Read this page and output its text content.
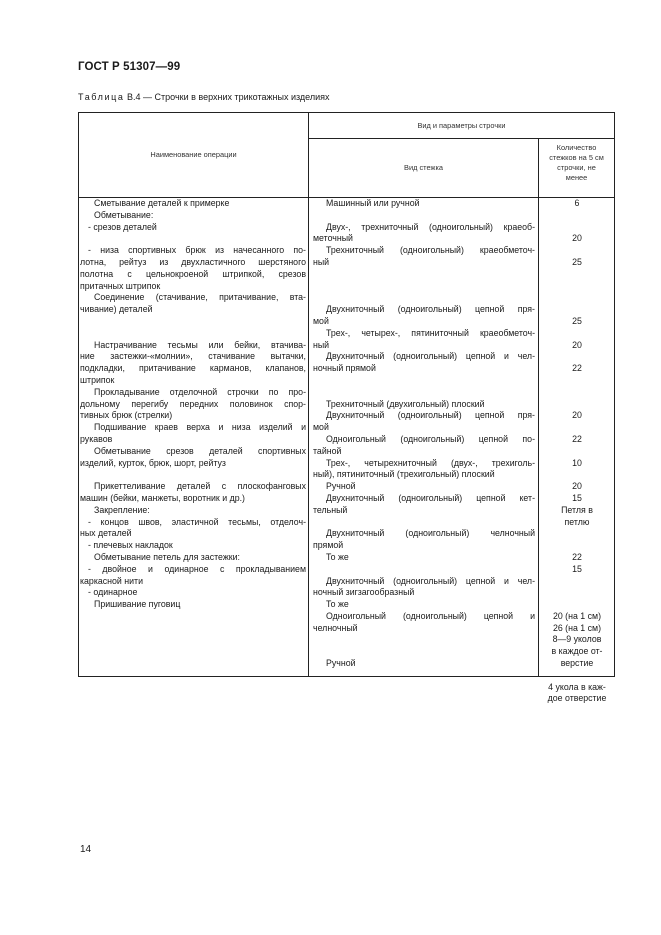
ГОСТ Р 51307—99
Таблица В.4 — Строчки в верхних трикотажных изделиях
Наименование операции
Вид и параметры строчки
Вид стежка
Количество
стежков на 5 см
строчки, не
менее
Сметывание деталей к примерке
Обметывание:
- срезов деталей
- низа спортивных брюк из начесанного по-
лотна, рейтуз из двухластичного шерстяного
полотна с цельнокроеной штрипкой, срезов
притачных штрипок
Соединение (стачивание, притачивание, вта-
чивание) деталей
Настрачивание тесьмы или бейки, втачива-
ние застежки-«молнии», стачивание вытачки,
подкладки, притачивание карманов, клапанов,
штрипок
Прокладывание отделочной строчки по про-
дольному перегибу передних половинок спор-
тивных брюк (стрелки)
Подшивание краев верха и низа изделий и
рукавов
Обметывание срезов деталей спортивных
изделий, курток, брюк, шорт, рейтуз
Прикеттеливание деталей с плоскофанговых
машин (бейки, манжеты, воротник и др.)
Закрепление:
- концов швов, эластичной тесьмы, отделоч-
ных деталей
- плечевых накладок
Обметывание петель для застежки:
- двойное и одинарное с прокладыванием
каркасной нити
- одинарное
Пришивание пуговиц
Машинный или ручной
Двух-, трехниточный (одноигольный) краеоб-
меточный
Трехниточный (одноигольный) краеобметоч-
ный
Двухниточный (одноигольный) цепной пря-
мой
Трех-, четырех-, пятиниточный краеобметоч-
ный
Двухниточный (одноигольный) цепной и чел-
ночный прямой
Трехниточный (двухигольный) плоский
Двухниточный (одноигольный) цепной пря-
мой
Одноигольный (одноигольный) цепной по-
тайной
Трех-, четырехниточный (двух-, трехиголь-
ный), пятиниточный (трехигольный) плоский
Ручной
Двухниточный (одноигольный) цепной кет-
тельный
Двухниточный (одноигольный) челночный
прямой
То же
Двухниточный (одноигольный) цепной и чел-
ночный зигзагообразный
То же
Одноигольный (одноигольный) цепной и
челночный
Ручной
6
20
25
25
20
22
20
22
10
20
15
Петля в
петлю
22
15
20 (на 1 см)
26 (на 1 см)
8—9 уколов
в каждое от-
верстие
4 укола в каж-
дое отверстие
14
